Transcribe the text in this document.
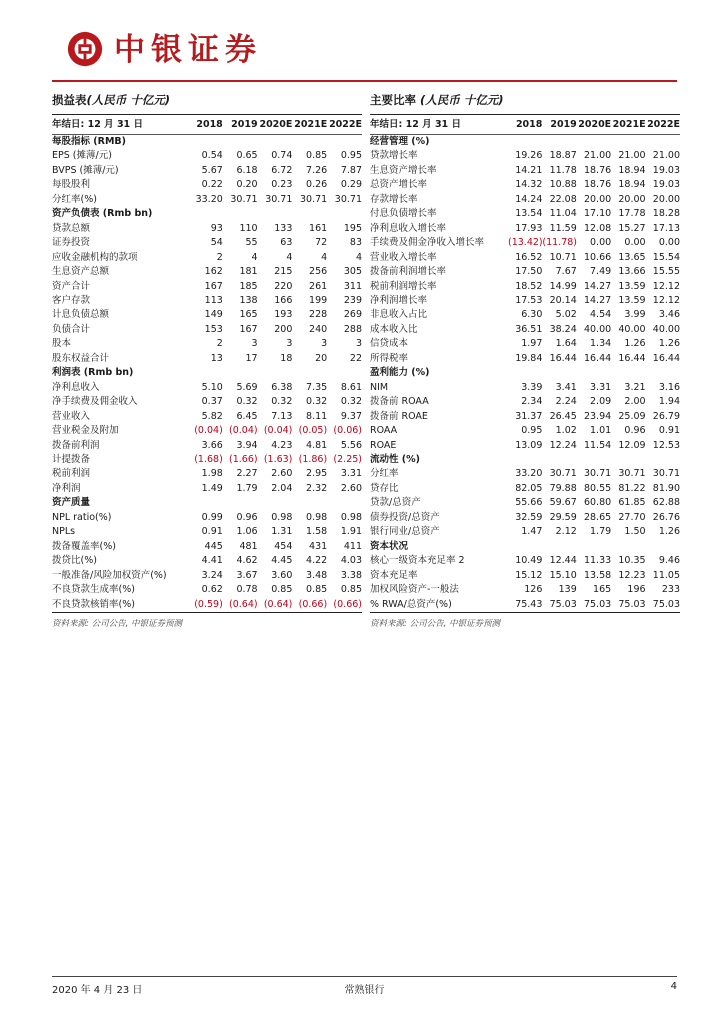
中银证券
损益表(人民币 十亿元)
年结日: 12 月 31 日	2018	2019	2020E	2021E	2022E
每股指标 (RMB)					
EPS (摊薄/元)	0.54	0.65	0.74	0.85	0.95
BVPS (摊薄/元)	5.67	6.18	6.72	7.26	7.87
每股股利	0.22	0.20	0.23	0.26	0.29
分红率(%)	33.20	30.71	30.71	30.71	30.71
资产负债表 (Rmb bn)					
贷款总额	93	110	133	161	195
证券投资	54	55	63	72	83
应收金融机构的款项	2	4	4	4	4
生息资产总额	162	181	215	256	305
资产合计	167	185	220	261	311
客户存款	113	138	166	199	239
计息负债总额	149	165	193	228	269
负债合计	153	167	200	240	288
股本	2	3	3	3	3
股东权益合计	13	17	18	20	22
利润表 (Rmb bn)					
净利息收入	5.10	5.69	6.38	7.35	8.61
净手续费及佣金收入	0.37	0.32	0.32	0.32	0.32
营业收入	5.82	6.45	7.13	8.11	9.37
营业税金及附加	(0.04)	(0.04)	(0.04)	(0.05)	(0.06)
拨备前利润	3.66	3.94	4.23	4.81	5.56
计提拨备	(1.68)	(1.66)	(1.63)	(1.86)	(2.25)
税前利润	1.98	2.27	2.60	2.95	3.31
净利润	1.49	1.79	2.04	2.32	2.60
资产质量					
NPL ratio(%)	0.99	0.96	0.98	0.98	0.98
NPLs	0.91	1.06	1.31	1.58	1.91
拨备覆盖率(%)	445	481	454	431	411
拨贷比(%)	4.41	4.62	4.45	4.22	4.03
一般准备/风险加权资产(%)	3.24	3.67	3.60	3.48	3.38
不良贷款生成率(%)	0.62	0.78	0.85	0.85	0.85
不良贷款核销率(%)	(0.59)	(0.64)	(0.64)	(0.66)	(0.66)
资料来源: 公司公告, 中银证券预测
主要比率 (人民币 十亿元)
年结日: 12 月 31 日	2018	2019	2020E	2021E	2022E
经营管理 (%)					
贷款增长率	19.26	18.87	21.00	21.00	21.00
生息资产增长率	14.21	11.78	18.76	18.94	19.03
总资产增长率	14.32	10.88	18.76	18.94	19.03
存款增长率	14.24	22.08	20.00	20.00	20.00
付息负债增长率	13.54	11.04	17.10	17.78	18.28
净利息收入增长率	17.93	11.59	12.08	15.27	17.13
手续费及佣金净收入增长率	(13.42)	(11.78)	0.00	0.00	0.00
营业收入增长率	16.52	10.71	10.66	13.65	15.54
拨备前利润增长率	17.50	7.67	7.49	13.66	15.55
税前利润增长率	18.52	14.99	14.27	13.59	12.12
净利润增长率	17.53	20.14	14.27	13.59	12.12
非息收入占比	6.30	5.02	4.54	3.99	3.46
成本收入比	36.51	38.24	40.00	40.00	40.00
信贷成本	1.97	1.64	1.34	1.26	1.26
所得税率	19.84	16.44	16.44	16.44	16.44
盈利能力 (%)					
NIM	3.39	3.41	3.31	3.21	3.16
拨备前 ROAA	2.34	2.24	2.09	2.00	1.94
拨备前 ROAE	31.37	26.45	23.94	25.09	26.79
ROAA	0.95	1.02	1.01	0.96	0.91
ROAE	13.09	12.24	11.54	12.09	12.53
流动性 (%)					
分红率	33.20	30.71	30.71	30.71	30.71
贷存比	82.05	79.88	80.55	81.22	81.90
贷款/总资产	55.66	59.67	60.80	61.85	62.88
债券投资/总资产	32.59	29.59	28.65	27.70	26.76
银行同业/总资产	1.47	2.12	1.79	1.50	1.26
资本状况					
核心一级资本充足率 2	10.49	12.44	11.33	10.35	9.46
资本充足率	15.12	15.10	13.58	12.23	11.05
加权风险资产-一般法	126	139	165	196	233
% RWA/总资产(%)	75.43	75.03	75.03	75.03	75.03
资料来源: 公司公告, 中银证券预测
2020 年 4 月 23 日	常熟银行	4
